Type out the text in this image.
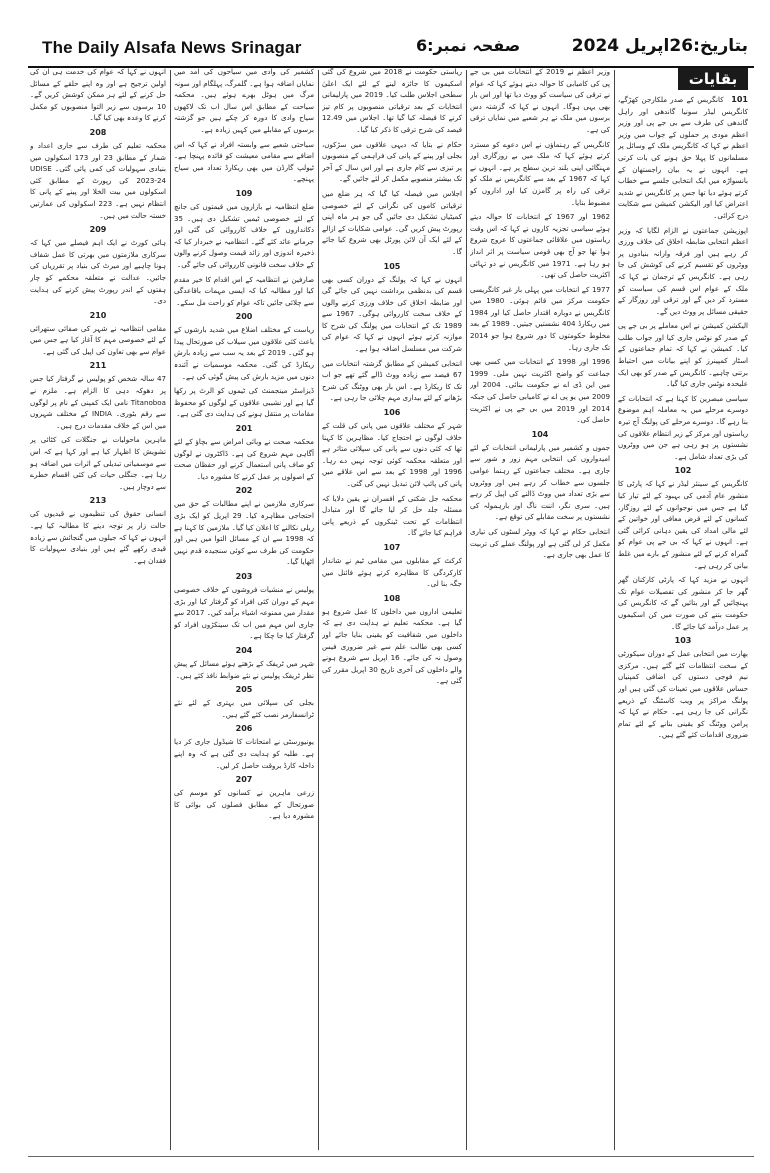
The Daily Alsafa News Srinagar	صفحہ نمبر:6	بتاریخ:26اپریل 2024
بقایات

101 کانگریس کے صدر ملکارجن کھڑگے، کانگریس لیڈر سونیا گاندھی اور راہل گاندھی کی طرف سے بی جے پی اور وزیر اعظم مودی پر حملوں کے جواب میں وزیر اعظم نے کہا کہ کانگریس ملک کے وسائل پر مسلمانوں کا پہلا حق ہونے کی بات کرتی ہے۔ انہوں نے یہ بیان راجستھان کے بانسواڑہ میں ایک انتخابی جلسے سے خطاب کرتے ہوئے دیا تھا جس پر کانگریس نے شدید اعتراض کیا اور الیکشن کمیشن سے شکایت درج کرائی۔

اپوزیشن جماعتوں نے الزام لگایا کہ وزیر اعظم انتخابی ضابطہ اخلاق کی خلاف ورزی کر رہے ہیں اور فرقہ وارانہ بنیادوں پر ووٹروں کو تقسیم کرنے کی کوشش کی جا رہی ہے۔ کانگریس کے ترجمان نے کہا کہ ملک کے عوام اس قسم کی سیاست کو مسترد کر دیں گے اور ترقی اور روزگار کے حقیقی مسائل پر ووٹ دیں گے۔

الیکشن کمیشن نے اس معاملے پر بی جے پی کے صدر کو نوٹس جاری کیا اور جواب طلب کیا۔ کمیشن نے کہا کہ تمام جماعتوں کے اسٹار کمپینرز کو اپنے بیانات میں احتیاط برتنی چاہیے۔ کانگریس کے صدر کو بھی ایک علیحدہ نوٹس جاری کیا گیا۔

سیاسی مبصرین کا کہنا ہے کہ انتخابات کے دوسرے مرحلے میں یہ معاملہ اہم موضوع بنا رہے گا۔ دوسرے مرحلے کی پولنگ آج تیرہ ریاستوں اور مرکز کے زیر انتظام علاقوں کی نشستوں پر ہو رہی ہے جن میں ووٹروں کی بڑی تعداد شامل ہے۔

102

کانگریس کے سینئر لیڈر نے کہا کہ پارٹی کا منشور عام آدمی کی بہبود کے لئے تیار کیا گیا ہے جس میں نوجوانوں کے لئے روزگار، کسانوں کے لئے قرض معافی اور خواتین کے لئے مالی امداد کی یقین دہانی کرائی گئی ہے۔ انہوں نے کہا کہ بی جے پی عوام کو گمراہ کرنے کے لئے منشور کے بارے میں غلط بیانی کر رہی ہے۔

انہوں نے مزید کہا کہ پارٹی کارکنان گھر گھر جا کر منشور کی تفصیلات عوام تک پہنچائیں گے اور بتائیں گے کہ کانگریس کی حکومت بننے کی صورت میں کن اسکیموں پر عمل درآمد کیا جائے گا۔

103

بھارت میں انتخابی عمل کے دوران سیکورٹی کے سخت انتظامات کئے گئے ہیں۔ مرکزی نیم فوجی دستوں کی اضافی کمپنیاں حساس علاقوں میں تعینات کی گئی ہیں اور پولنگ مراکز پر ویب کاسٹنگ کے ذریعے نگرانی کی جا رہی ہے۔ حکام نے کہا کہ پرامن ووٹنگ کو یقینی بنانے کے لئے تمام ضروری اقدامات کئے گئے ہیں۔

وزیر اعظم نے 2019 کے انتخابات میں بی جے پی کی کامیابی کا حوالہ دیتے ہوئے کہا کہ عوام نے ترقی کی سیاست کو ووٹ دیا تھا اور اس بار بھی یہی ہوگا۔ انہوں نے کہا کہ گزشتہ دس برسوں میں ملک نے ہر شعبے میں نمایاں ترقی کی ہے۔

کانگریس کے رہنماؤں نے اس دعوے کو مسترد کرتے ہوئے کہا کہ ملک میں بے روزگاری اور مہنگائی اپنی بلند ترین سطح پر ہے۔ انہوں نے کہا کہ 1967 کے بعد سے کانگریس نے ملک کو ترقی کی راہ پر گامزن کیا اور اداروں کو مضبوط بنایا۔

1962 اور 1967 کے انتخابات کا حوالہ دیتے ہوئے سیاسی تجزیہ کاروں نے کہا کہ اس وقت ریاستوں میں علاقائی جماعتوں کا عروج شروع ہوا تھا جو آج بھی قومی سیاست پر اثر انداز ہو رہا ہے۔ 1971 میں کانگریس نے دو تہائی اکثریت حاصل کی تھی۔

1977 کے انتخابات میں پہلی بار غیر کانگریسی حکومت مرکز میں قائم ہوئی۔ 1980 میں کانگریس نے دوبارہ اقتدار حاصل کیا اور 1984 میں ریکارڈ 404 نشستیں جیتیں۔ 1989 کے بعد مخلوط حکومتوں کا دور شروع ہوا جو 2014 تک جاری رہا۔

1996 اور 1998 کے انتخابات میں کسی بھی جماعت کو واضح اکثریت نہیں ملی۔ 1999 میں این ڈی اے نے حکومت بنائی۔ 2004 اور 2009 میں یو پی اے نے کامیابی حاصل کی جبکہ 2014 اور 2019 میں بی جے پی نے اکثریت حاصل کی۔

104

جموں و کشمیر میں پارلیمانی انتخابات کے لئے امیدواروں کی انتخابی مہم زور و شور سے جاری ہے۔ مختلف جماعتوں کے رہنما عوامی جلسوں سے خطاب کر رہے ہیں اور ووٹروں سے بڑی تعداد میں ووٹ ڈالنے کی اپیل کر رہے ہیں۔ سری نگر، اننت ناگ اور بارہمولہ کی نشستوں پر سخت مقابلے کی توقع ہے۔

انتخابی حکام نے کہا کہ ووٹر لسٹوں کی تیاری مکمل کر لی گئی ہے اور پولنگ عملے کی تربیت کا عمل بھی جاری ہے۔

ریاستی حکومت نے 2018 میں شروع کی گئی اسکیموں کا جائزہ لینے کے لئے ایک اعلیٰ سطحی اجلاس طلب کیا۔ 2019 میں پارلیمانی انتخابات کے بعد ترقیاتی منصوبوں پر کام تیز کرنے کا فیصلہ کیا گیا تھا۔ اجلاس میں 12.49 فیصد کی شرح ترقی کا ذکر کیا گیا۔

حکام نے بتایا کہ دیہی علاقوں میں سڑکوں، بجلی اور پینے کے پانی کی فراہمی کے منصوبوں پر تیزی سے کام جاری ہے اور اس سال کے آخر تک بیشتر منصوبے مکمل کر لئے جائیں گے۔

اجلاس میں فیصلہ کیا گیا کہ ہر ضلع میں ترقیاتی کاموں کی نگرانی کے لئے خصوصی کمیٹیاں تشکیل دی جائیں گی جو ہر ماہ اپنی رپورٹ پیش کریں گی۔ عوامی شکایات کے ازالے کے لئے ایک آن لائن پورٹل بھی شروع کیا جائے گا۔

105

انہوں نے کہا کہ پولنگ کے دوران کسی بھی قسم کی بدنظمی برداشت نہیں کی جائے گی اور ضابطہ اخلاق کی خلاف ورزی کرنے والوں کے خلاف سخت کارروائی ہوگی۔ 1967 سے 1989 تک کے انتخابات میں پولنگ کی شرح کا موازنہ کرتے ہوئے انہوں نے کہا کہ عوام کی شرکت میں مسلسل اضافہ ہوا ہے۔

انتخابی کمیشن کے مطابق گزشتہ انتخابات میں 67 فیصد سے زیادہ ووٹ ڈالے گئے تھے جو اب تک کا ریکارڈ ہے۔ اس بار بھی ووٹنگ کی شرح بڑھانے کے لئے بیداری مہم چلائی جا رہی ہے۔

106

شہر کے مختلف علاقوں میں پانی کی قلت کے خلاف لوگوں نے احتجاج کیا۔ مظاہرین کا کہنا تھا کہ کئی دنوں سے پانی کی سپلائی متاثر ہے اور متعلقہ محکمہ کوئی توجہ نہیں دے رہا۔ 1996 اور 1998 کے بعد سے اس علاقے میں پانی کی پائپ لائن تبدیل نہیں کی گئی۔

محکمہ جل شکتی کے افسران نے یقین دلایا کہ مسئلہ جلد حل کر لیا جائے گا اور متبادل انتظامات کے تحت ٹینکروں کے ذریعے پانی فراہم کیا جائے گا۔

107

کرکٹ کے مقابلوں میں مقامی ٹیم نے شاندار کارکردگی کا مظاہرہ کرتے ہوئے فائنل میں جگہ بنا لی۔

108

تعلیمی اداروں میں داخلوں کا عمل شروع ہو گیا ہے۔ محکمہ تعلیم نے ہدایت دی ہے کہ داخلوں میں شفافیت کو یقینی بنایا جائے اور کسی بھی طالب علم سے غیر ضروری فیس وصول نہ کی جائے۔ 16 اپریل سے شروع ہونے والے داخلوں کی آخری تاریخ 30 اپریل مقرر کی گئی ہے۔

کشمیر کی وادی میں سیاحوں کی آمد میں نمایاں اضافہ ہوا ہے۔ گلمرگ، پہلگام اور سونہ مرگ میں ہوٹل بھرے ہوئے ہیں۔ محکمہ سیاحت کے مطابق اس سال اب تک لاکھوں سیاح وادی کا دورہ کر چکے ہیں جو گزشتہ برسوں کے مقابلے میں کہیں زیادہ ہے۔

سیاحتی شعبے سے وابستہ افراد نے کہا کہ اس اضافے سے مقامی معیشت کو فائدہ پہنچا ہے۔ ٹیولپ گارڈن میں بھی ریکارڈ تعداد میں سیاح پہنچے۔

109

ضلع انتظامیہ نے بازاروں میں قیمتوں کی جانچ کے لئے خصوصی ٹیمیں تشکیل دی ہیں۔ 35 دکانداروں کے خلاف کارروائی کی گئی اور جرمانے عائد کئے گئے۔ انتظامیہ نے خبردار کیا کہ ذخیرہ اندوزی اور زائد قیمت وصول کرنے والوں کے خلاف سخت قانونی کارروائی کی جائے گی۔

صارفین نے انتظامیہ کے اس اقدام کا خیر مقدم کیا اور مطالبہ کیا کہ ایسی مہمات باقاعدگی سے چلائی جائیں تاکہ عوام کو راحت مل سکے۔

200

ریاست کے مختلف اضلاع میں شدید بارشوں کے باعث کئی علاقوں میں سیلاب کی صورتحال پیدا ہو گئی۔ 2019 کے بعد یہ سب سے زیادہ بارش ریکارڈ کی گئی۔ محکمہ موسمیات نے آئندہ دنوں میں مزید بارش کی پیش گوئی کی ہے۔

ڈیزاسٹر مینجمنٹ کی ٹیموں کو الرٹ پر رکھا گیا ہے اور نشیبی علاقوں کے لوگوں کو محفوظ مقامات پر منتقل ہونے کی ہدایت دی گئی ہے۔

201

محکمہ صحت نے وبائی امراض سے بچاؤ کے لئے آگاہی مہم شروع کی ہے۔ ڈاکٹروں نے لوگوں کو صاف پانی استعمال کرنے اور حفظان صحت کے اصولوں پر عمل کرنے کا مشورہ دیا۔

202

سرکاری ملازمین نے اپنے مطالبات کے حق میں احتجاجی مظاہرہ کیا۔ 29 اپریل کو ایک بڑی ریلی نکالنے کا اعلان کیا گیا۔ ملازمین کا کہنا ہے کہ 1998 سے ان کے مسائل التوا میں ہیں اور حکومت کی طرف سے کوئی سنجیدہ قدم نہیں اٹھایا گیا۔

203

پولیس نے منشیات فروشوں کے خلاف خصوصی مہم کے دوران کئی افراد کو گرفتار کیا اور بڑی مقدار میں ممنوعہ اشیاء برآمد کیں۔ 2017 سے جاری اس مہم میں اب تک سینکڑوں افراد کو گرفتار کیا جا چکا ہے۔

204

شہر میں ٹریفک کے بڑھتے ہوئے مسائل کے پیش نظر ٹریفک پولیس نے نئے ضوابط نافذ کئے ہیں۔

205

بجلی کی سپلائی میں بہتری کے لئے نئے ٹرانسفارمر نصب کئے گئے ہیں۔

206

یونیورسٹی نے امتحانات کا شیڈول جاری کر دیا ہے۔ طلبہ کو ہدایت دی گئی ہے کہ وہ اپنے داخلہ کارڈ بروقت حاصل کر لیں۔

207

زرعی ماہرین نے کسانوں کو موسم کی صورتحال کے مطابق فصلوں کی بوائی کا مشورہ دیا ہے۔

انہوں نے کہا کہ عوام کی خدمت ہی ان کی اولین ترجیح ہے اور وہ اپنے حلقے کے مسائل حل کرنے کے لئے ہر ممکن کوشش کریں گے۔ 10 برسوں سے زیر التوا منصوبوں کو مکمل کرنے کا وعدہ بھی کیا گیا۔

208

محکمہ تعلیم کی طرف سے جاری اعداد و شمار کے مطابق 23 اور 173 اسکولوں میں بنیادی سہولیات کی کمی پائی گئی۔ UDISE 2023-24 کی رپورٹ کے مطابق کئی اسکولوں میں بیت الخلا اور پینے کے پانی کا انتظام نہیں ہے۔ 223 اسکولوں کی عمارتیں خستہ حالت میں ہیں۔

209

ہائی کورٹ نے ایک اہم فیصلے میں کہا کہ سرکاری ملازمتوں میں بھرتی کا عمل شفاف ہونا چاہیے اور میرٹ کی بنیاد پر تقرریاں کی جائیں۔ عدالت نے متعلقہ محکمے کو چار ہفتوں کے اندر رپورٹ پیش کرنے کی ہدایت دی۔

210

مقامی انتظامیہ نے شہر کی صفائی ستھرائی کے لئے خصوصی مہم کا آغاز کیا ہے جس میں عوام سے بھی تعاون کی اپیل کی گئی ہے۔

211

47 سالہ شخص کو پولیس نے گرفتار کیا جس پر دھوکہ دہی کا الزام ہے۔ ملزم نے Titanoboa نامی ایک کمپنی کے نام پر لوگوں سے رقم بٹوری۔ INDIA کے مختلف شہروں میں اس کے خلاف مقدمات درج ہیں۔

ماہرین ماحولیات نے جنگلات کی کٹائی پر تشویش کا اظہار کیا ہے اور کہا ہے کہ اس سے موسمیاتی تبدیلی کے اثرات میں اضافہ ہو رہا ہے۔ جنگلی حیات کی کئی اقسام خطرے سے دوچار ہیں۔

213

انسانی حقوق کی تنظیموں نے قیدیوں کی حالت زار پر توجہ دینے کا مطالبہ کیا ہے۔ انہوں نے کہا کہ جیلوں میں گنجائش سے زیادہ قیدی رکھے گئے ہیں اور بنیادی سہولیات کا فقدان ہے۔
